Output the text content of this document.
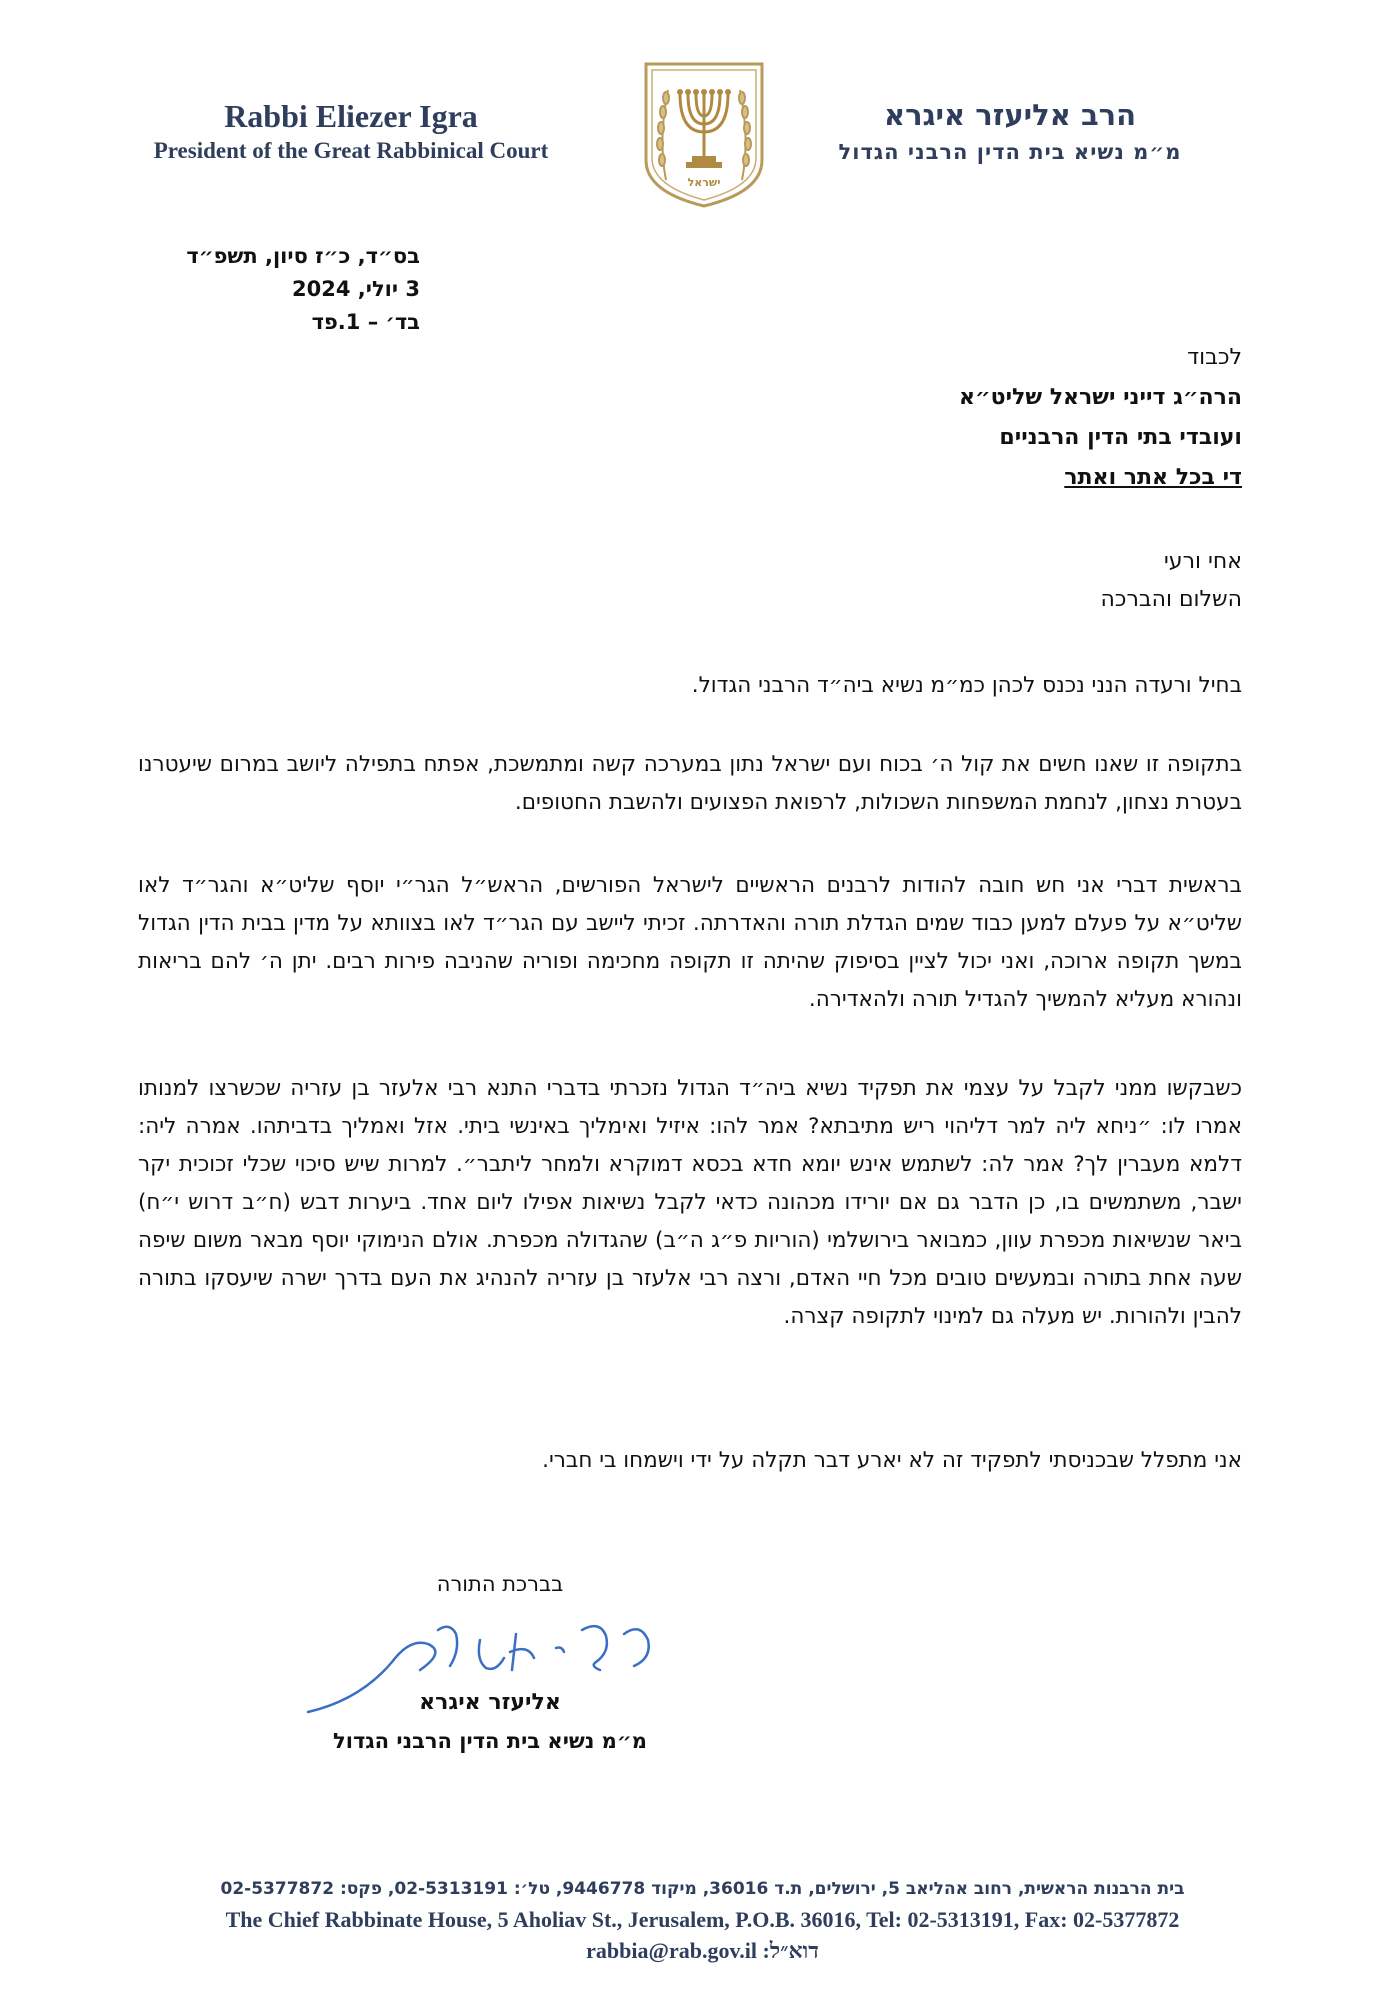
Rabbi Eliezer Igra
President of the Great Rabbinical Court
ישראל
הרב אליעזר איגרא
מ״מ נשיא בית הדין הרבני הגדול
בס״ד, כ״ז סיון, תשפ״ד
3 יולי, 2024
בד׳ – 1.פד
לכבוד
הרה״ג דייני ישראל שליט״א
ועובדי בתי הדין הרבניים
די בכל אתר ואתר
אחי ורעי
השלום והברכה
בחיל ורעדה הנני נכנס לכהן כמ״מ נשיא ביה״ד הרבני הגדול.
בתקופה זו שאנו חשים את קול ה׳ בכוח ועם ישראל נתון במערכה קשה ומתמשכת, אפתח בתפילה ליושב במרום שיעטרנו בעטרת נצחון, לנחמת המשפחות השכולות, לרפואת הפצועים ולהשבת החטופים.
בראשית דברי אני חש חובה להודות לרבנים הראשיים לישראל הפורשים, הראש״ל הגר״י יוסף שליט״א והגר״ד לאו שליט״א על פעלם למען כבוד שמים הגדלת תורה והאדרתה. זכיתי ליישב עם הגר״ד לאו בצוותא על מדין בבית הדין הגדול במשך תקופה ארוכה, ואני יכול לציין בסיפוק שהיתה זו תקופה מחכימה ופוריה שהניבה פירות רבים. יתן ה׳ להם בריאות ונהורא מעליא להמשיך להגדיל תורה ולהאדירה.
כשבקשו ממני לקבל על עצמי את תפקיד נשיא ביה״ד הגדול נזכרתי בדברי התנא רבי אלעזר בן עזריה שכשרצו למנותו אמרו לו: ״ניחא ליה למר דליהוי ריש מתיבתא? אמר להו: איזיל ואימליך באינשי ביתי. אזל ואמליך בדביתהו. אמרה ליה: דלמא מעברין לך? אמר לה: לשתמש אינש יומא חדא בכסא דמוקרא ולמחר ליתבר״. למרות שיש סיכוי שכלי זכוכית יקר ישבר, משתמשים בו, כן הדבר גם אם יורידו מכהונה כדאי לקבל נשיאות אפילו ליום אחד. ביערות דבש (ח״ב דרוש י״ח) ביאר שנשיאות מכפרת עוון, כמבואר בירושלמי (הוריות פ״ג ה״ב) שהגדולה מכפרת. אולם הנימוקי יוסף מבאר משום שיפה שעה אחת בתורה ובמעשים טובים מכל חיי האדם, ורצה רבי אלעזר בן עזריה להנהיג את העם בדרך ישרה שיעסקו בתורה להבין ולהורות. יש מעלה גם למינוי לתקופה קצרה.
אני מתפלל שבכניסתי לתפקיד זה לא יארע דבר תקלה על ידי וישמחו בי חברי.
בברכת התורה
אליעזר איגרא
מ״מ נשיא בית הדין הרבני הגדול
בית הרבנות הראשית, רחוב אהליאב 5, ירושלים, ת.ד 36016, מיקוד 9446778, טל׳: 02-5313191, פקס: 02-5377872
The Chief Rabbinate House, 5 Aholiav St., Jerusalem, P.O.B. 36016, Tel: 02-5313191, Fax: 02-5377872
דוא״ל: rabbia@rab.gov.il
